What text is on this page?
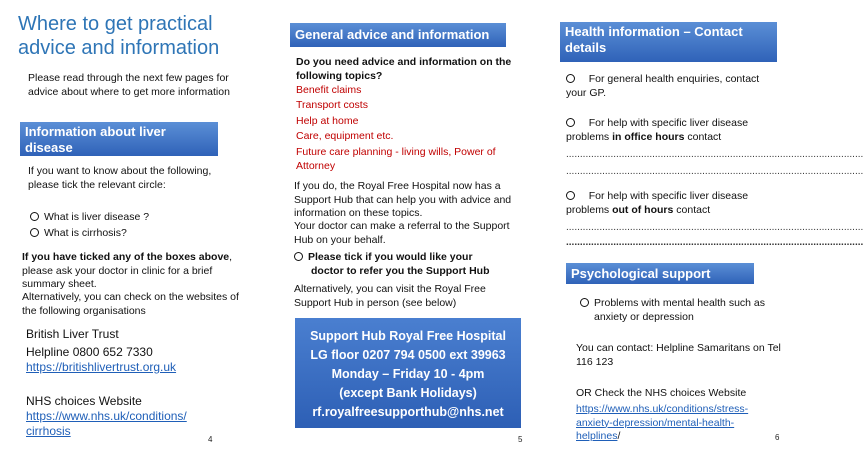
Where to get practical
advice and information
Please read through the next few pages for advice about where to get more information
Information about liver disease
If you want to know about the following, please tick the relevant circle:
What is liver disease ?
What is cirrhosis?
If you have ticked any of the boxes above, please ask your doctor in clinic for a brief summary sheet.
Alternatively, you can check on the websites of the following organisations
British Liver Trust
Helpline 0800 652 7330
https://britishlivertrust.org.uk
NHS choices Website
https://www.nhs.uk/conditions/
cirrhosis
4
General advice and information
Do you need advice and information on the following topics?
Benefit claims
Transport costs
Help at home
Care, equipment etc.
Future care planning - living wills, Power of Attorney
If you do, the Royal Free Hospital now has a Support Hub that can help you with advice and information on these topics.
Your doctor can make a referral to the Support Hub on your behalf.
Please tick if you would like your
doctor to refer you the Support Hub
Alternatively, you can visit the Royal Free Support Hub in person (see below)
Support Hub Royal Free Hospital
LG floor 0207 794 0500 ext 39963
Monday – Friday 10 - 4pm
(except Bank Holidays)
rf.royalfreesupporthub@nhs.net
5
Health information – Contact details
For general health enquiries, contact your GP.
For help with specific liver disease problems in office hours contact
...........................................................................................................
...........................................................................................................
For help with specific liver disease problems out of hours contact
...........................................................................................................
...........................................................................................................
Psychological support
Problems with mental health such as anxiety or depression
You can contact: Helpline Samaritans on Tel 116 123
OR Check the NHS choices Website
https://www.nhs.uk/conditions/stress-
anxiety-depression/mental-health-
helplines/	6
